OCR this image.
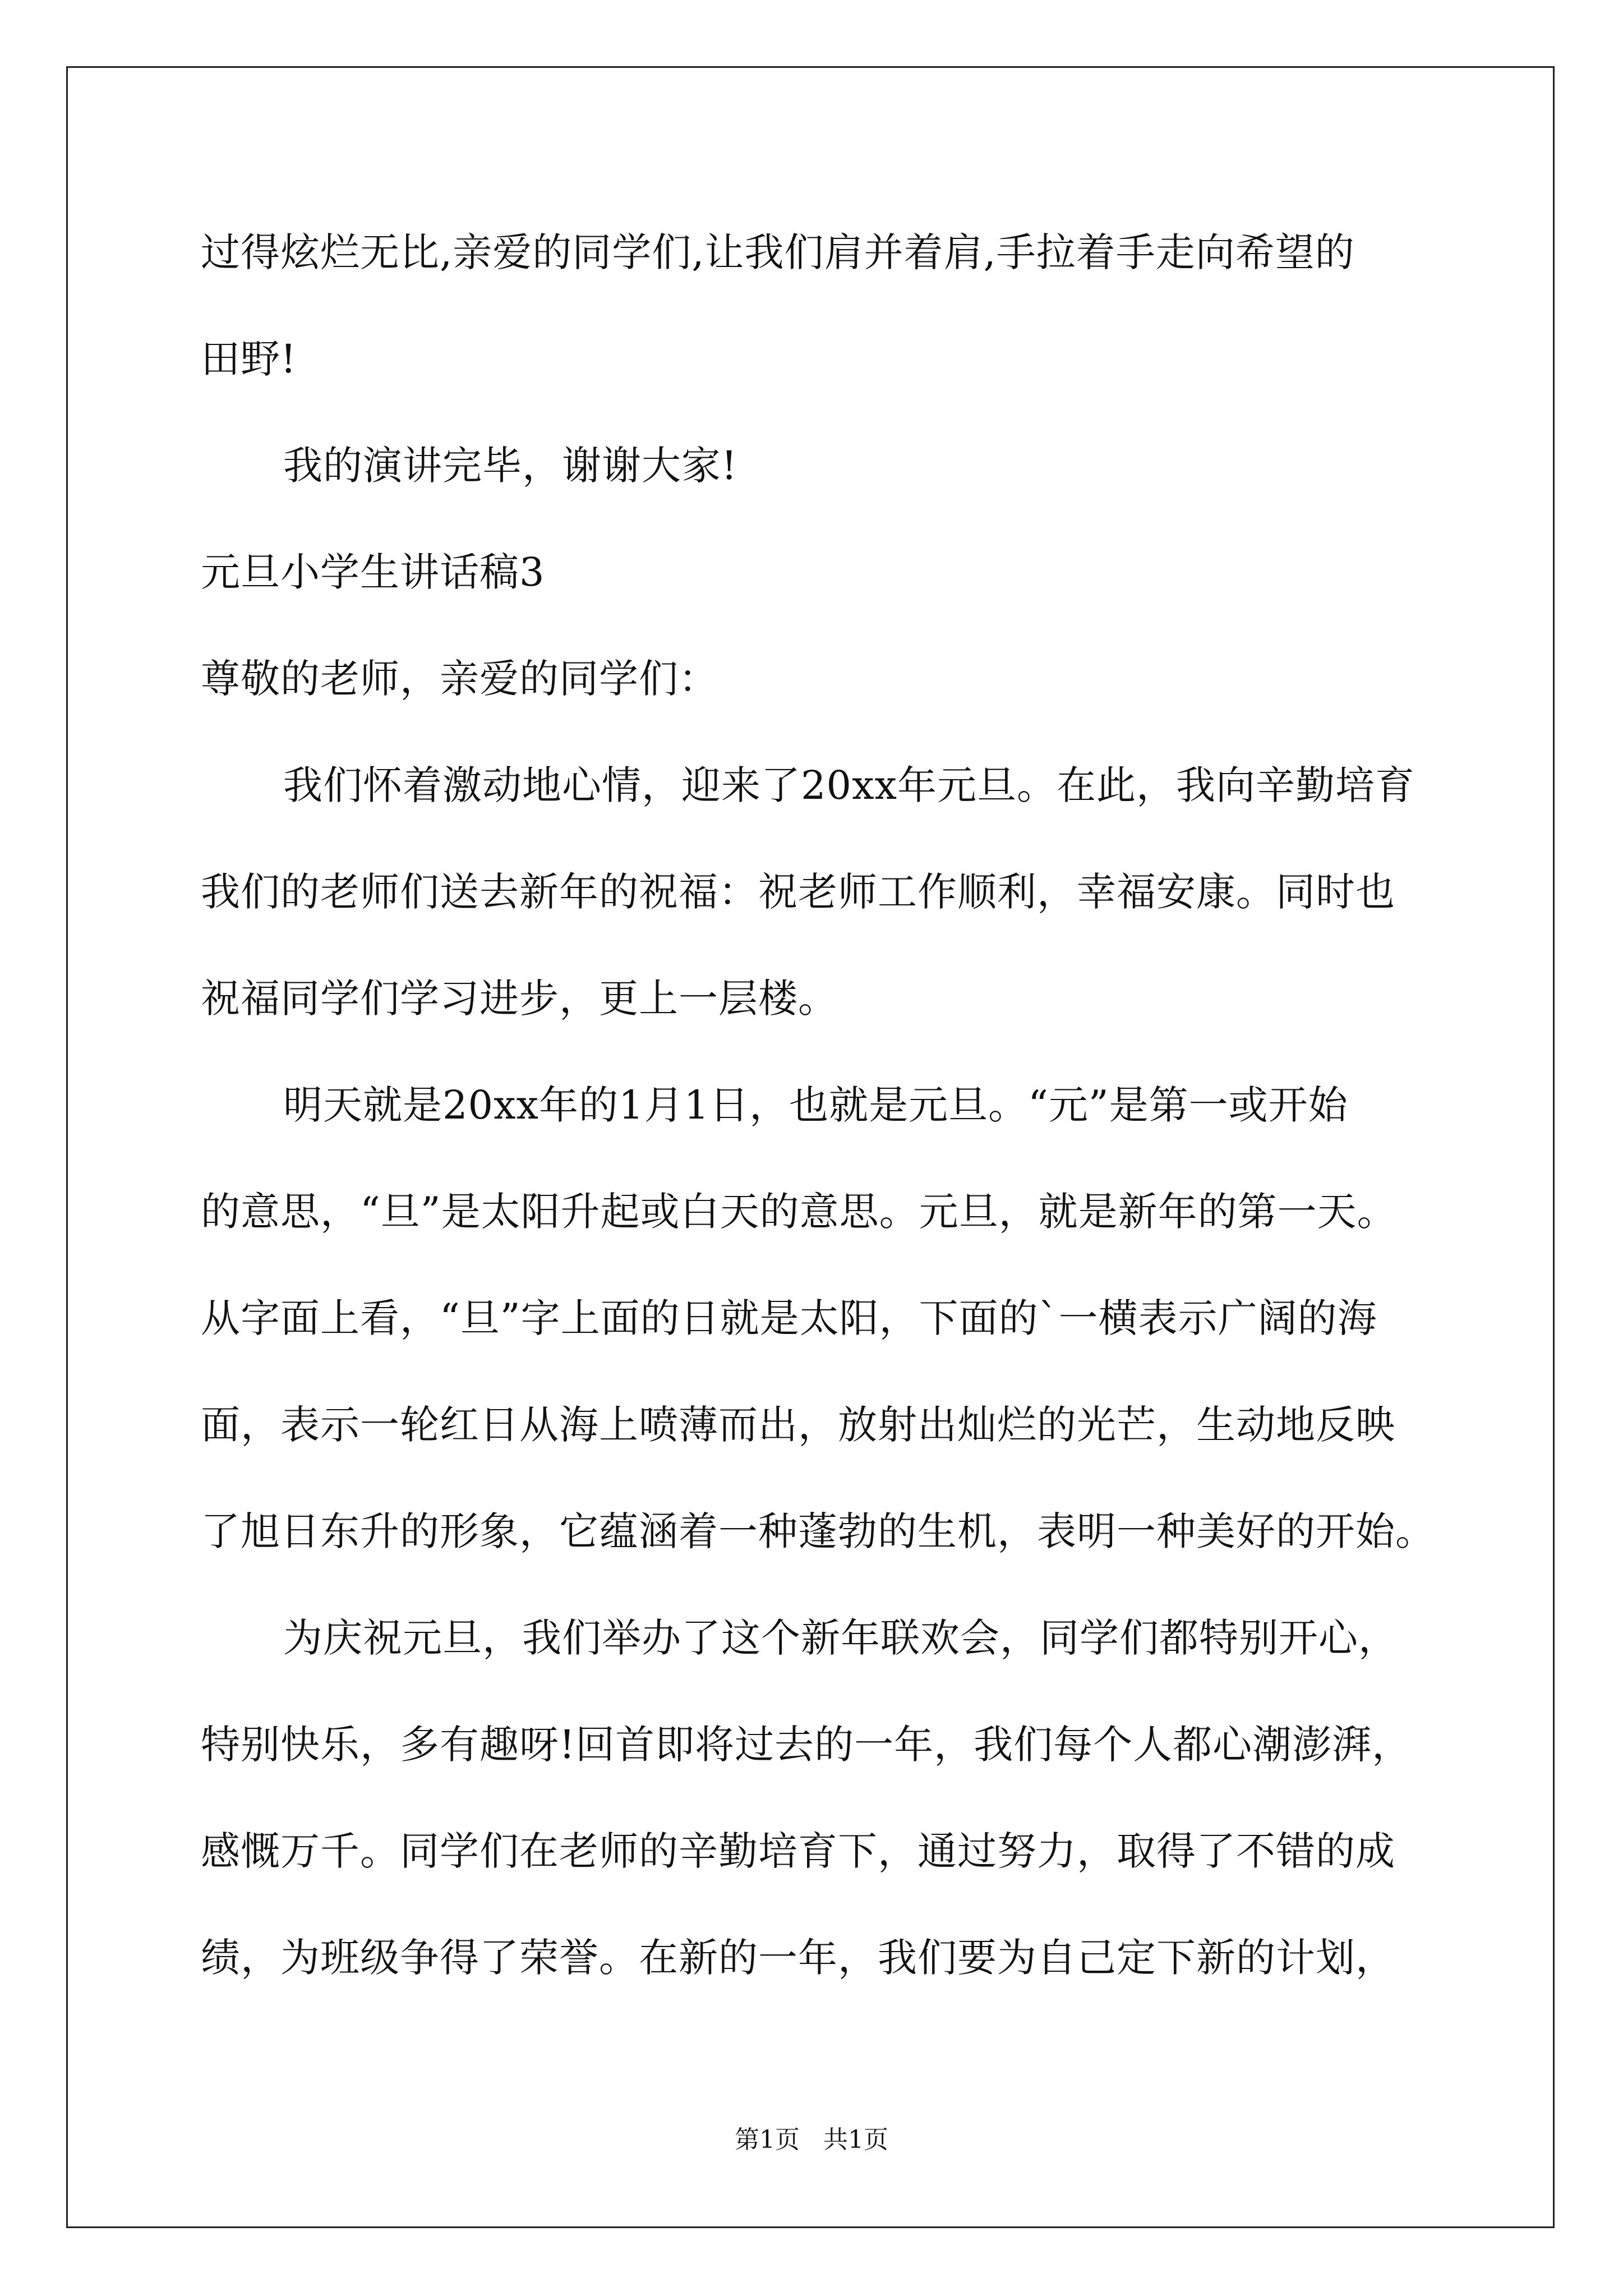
过得炫烂无比,亲爱的同学们,让我们肩并着肩,手拉着手走向希望的
田野!
我的演讲完毕，谢谢大家!
元旦小学生讲话稿3
尊敬的老师，亲爱的同学们：
我们怀着激动地心情，迎来了20xx年元旦。在此，我向辛勤培育
我们的老师们送去新年的祝福：祝老师工作顺利，幸福安康。同时也
祝福同学们学习进步，更上一层楼。
明天就是20xx年的1月1日，也就是元旦。“元”是第一或开始
的意思，“旦”是太阳升起或白天的意思。元旦，就是新年的第一天。
从字面上看，“旦”字上面的日就是太阳，下面的`一横表示广阔的海
面，表示一轮红日从海上喷薄而出，放射出灿烂的光芒，生动地反映
了旭日东升的形象，它蕴涵着一种蓬勃的生机，表明一种美好的开始。
为庆祝元旦，我们举办了这个新年联欢会，同学们都特别开心，
特别快乐，多有趣呀!回首即将过去的一年，我们每个人都心潮澎湃，
感慨万千。同学们在老师的辛勤培育下，通过努力，取得了不错的成
绩，为班级争得了荣誉。在新的一年，我们要为自己定下新的计划，
第1页   共1页
